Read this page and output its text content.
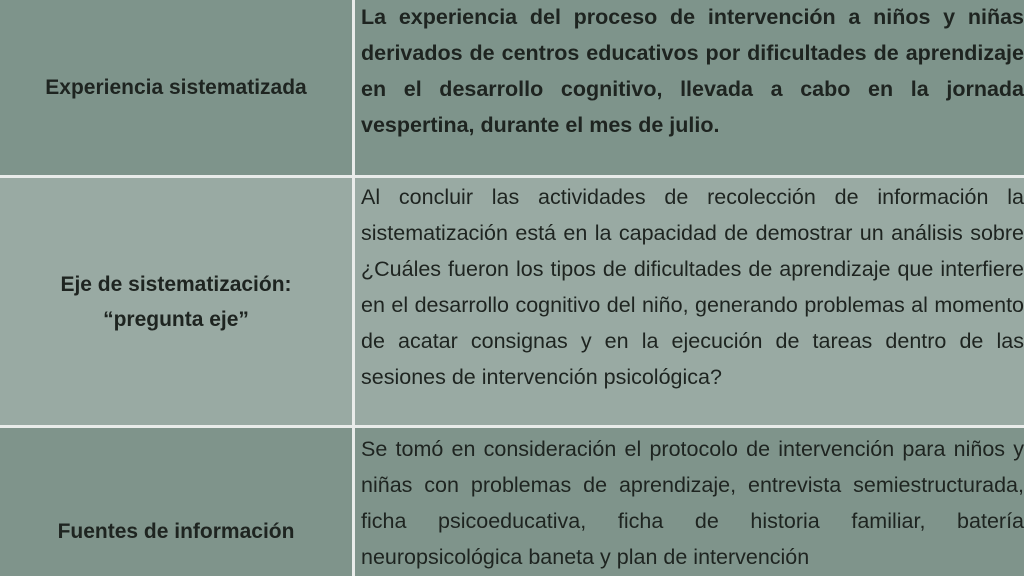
Experiencia sistematizada	La experiencia del proceso de intervención a niños y niñas derivados de centros educativos por dificultades de aprendizaje en el desarrollo cognitivo, llevada a cabo en la jornada vespertina, durante el mes de julio.

Eje de sistematización:
“pregunta eje”	Al concluir las actividades de recolección de información la sistematización está en la capacidad de demostrar un análisis sobre ¿Cuáles fueron los tipos de dificultades de aprendizaje que interfiere en el desarrollo cognitivo del niño, generando problemas al momento de acatar consignas y en la ejecución de tareas dentro de las sesiones de intervención psicológica?

Fuentes de información	Se tomó en consideración el protocolo de intervención para niños y niñas con problemas de aprendizaje, entrevista semiestructurada, ficha psicoeducativa, ficha de historia familiar, batería neuropsicológica baneta y plan de intervención
